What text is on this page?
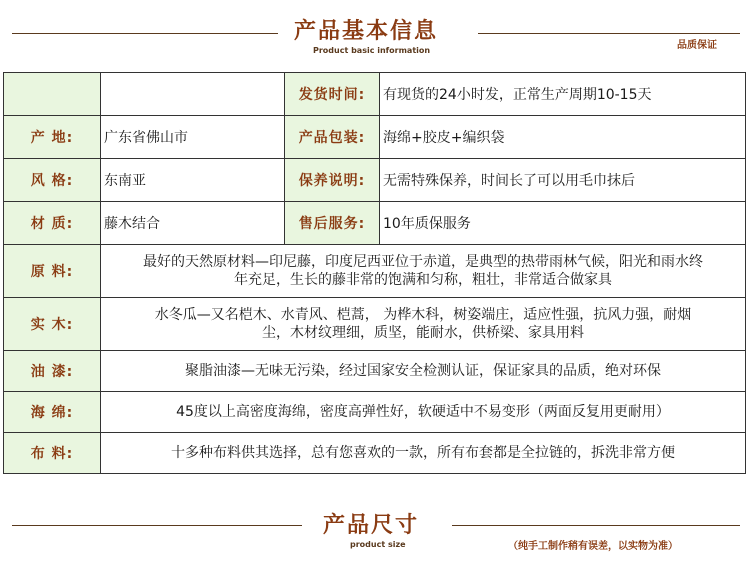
产品基本信息
Product basic information	品质保证
		发货时间:	有现货的24小时发，正常生产周期10-15天
产 地:	广东省佛山市	产品包装:	海绵+胶皮+编织袋
风 格:	东南亚	保养说明:	无需特殊保养，时间长了可以用毛巾抹后
材 质:	藤木结合	售后服务:	10年质保服务
原 料:	最好的天然原材料—印尼藤，印度尼西亚位于赤道，是典型的热带雨林气候，阳光和雨水终
年充足，生长的藤非常的饱满和匀称，粗壮，非常适合做家具		

实 木:	水冬瓜—又名桤木、水青风、桤蒿， 为桦木科，树姿端庄，适应性强，抗风力强，耐烟
尘，木材纹理细，质坚，能耐水，供桥梁、家具用料		

油 漆:	聚脂油漆—无味无污染，经过国家安全检测认证，保证家具的品质，绝对环保		
海 绵:	45度以上高密度海绵，密度高弹性好，软硬适中不易变形（两面反复用更耐用）		
布 料:	十多种布料供其选择，总有您喜欢的一款，所有布套都是全拉链的，拆洗非常方便		
产品尺寸
product size	（纯手工制作稍有误差，以实物为准）
